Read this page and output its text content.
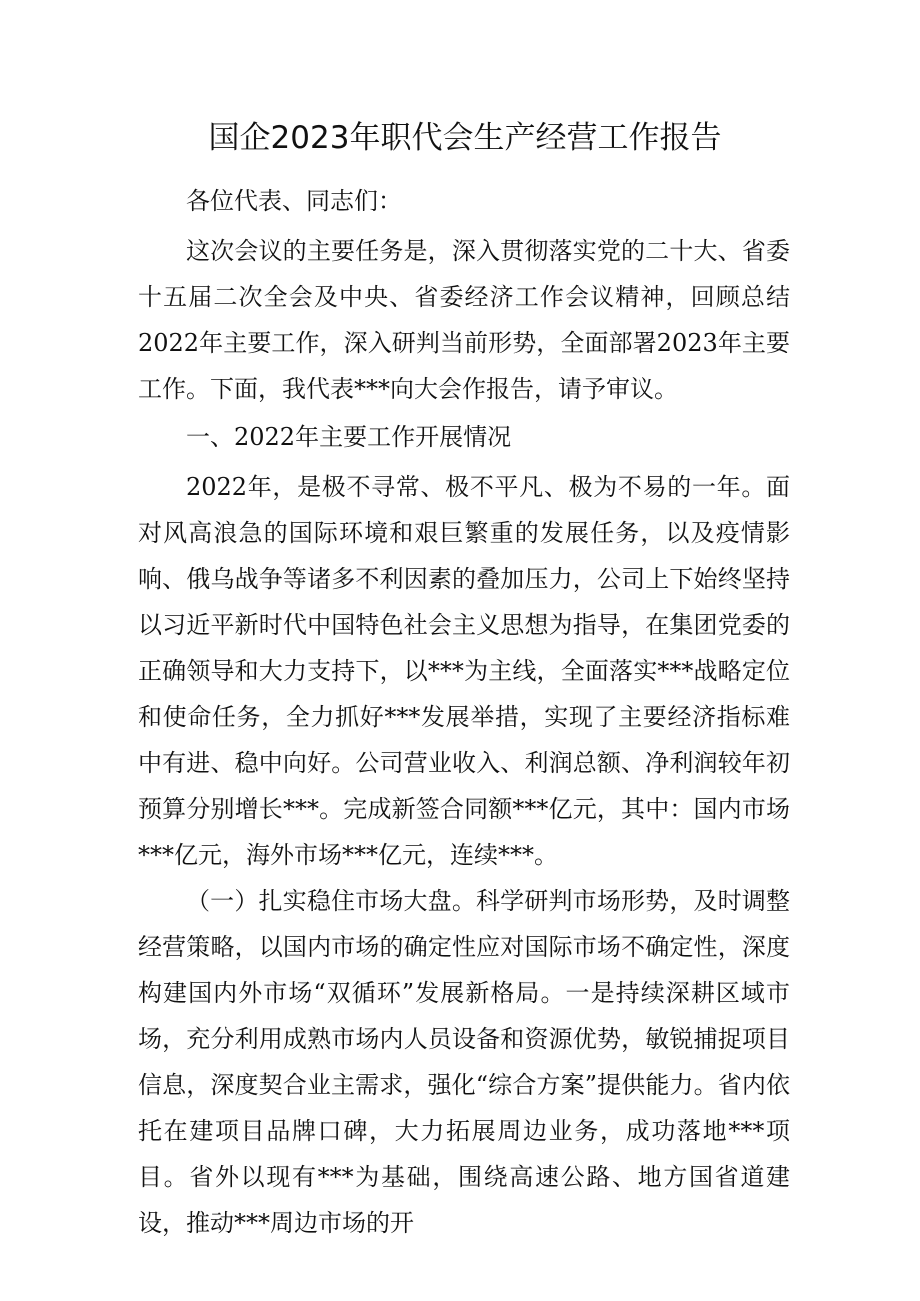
国企2023年职代会生产经营工作报告

各位代表、同志们：

这次会议的主要任务是，深入贯彻落实党的二十大、省委十五届二次全会及中央、省委经济工作会议精神，回顾总结2022年主要工作，深入研判当前形势，全面部署2023年主要工作。下面，我代表***向大会作报告，请予审议。

一、2022年主要工作开展情况

2022年，是极不寻常、极不平凡、极为不易的一年。面对风高浪急的国际环境和艰巨繁重的发展任务，以及疫情影响、俄乌战争等诸多不利因素的叠加压力，公司上下始终坚持以习近平新时代中国特色社会主义思想为指导，在集团党委的正确领导和大力支持下，以***为主线，全面落实***战略定位和使命任务，全力抓好***发展举措，实现了主要经济指标难中有进、稳中向好。公司营业收入、利润总额、净利润较年初预算分别增长***。完成新签合同额***亿元，其中：国内市场***亿元，海外市场***亿元，连续***。

（一）扎实稳住市场大盘。科学研判市场形势，及时调整经营策略，以国内市场的确定性应对国际市场不确定性，深度构建国内外市场“双循环”发展新格局。一是持续深耕区域市场，充分利用成熟市场内人员设备和资源优势，敏锐捕捉项目信息，深度契合业主需求，强化“综合方案”提供能力。省内依托在建项目品牌口碑，大力拓展周边业务，成功落地***项目。省外以现有***为基础，围绕高速公路、地方国省道建设，推动***周边市场的开
